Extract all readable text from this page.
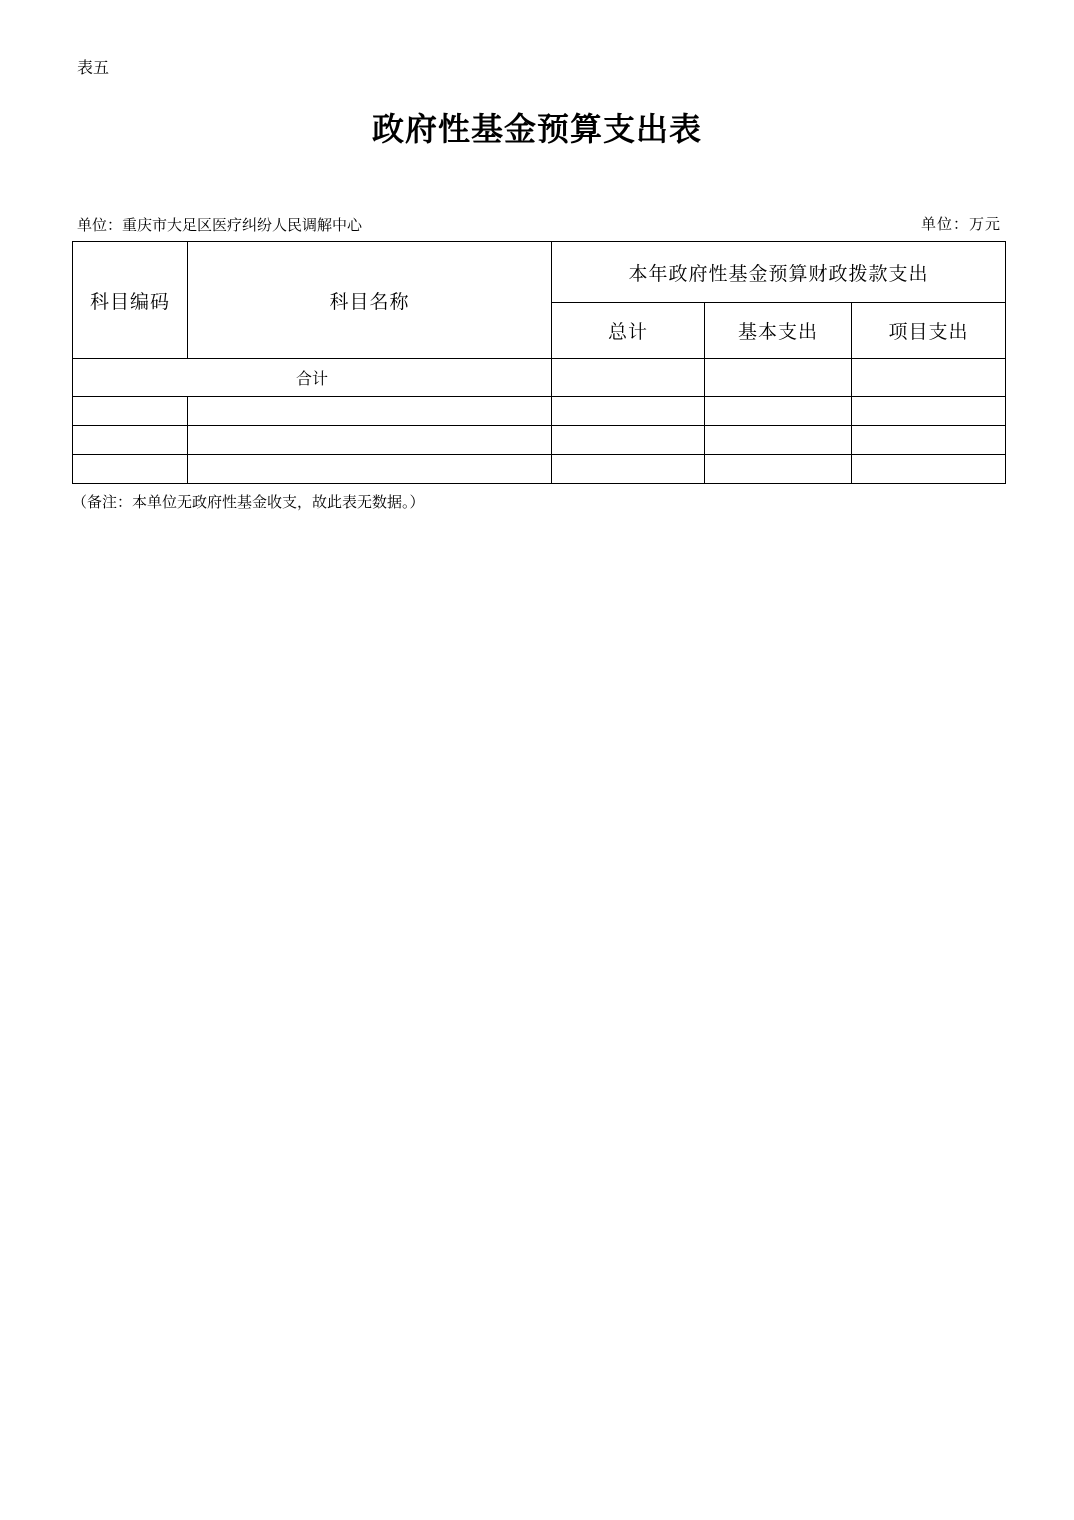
表五
政府性基金预算支出表
单位：重庆市大足区医疗纠纷人民调解中心	单位：万元
科目编码	科目名称	本年政府性基金预算财政拨款支出		
		总计	基本支出	项目支出
合计				

（备注：本单位无政府性基金收支，故此表无数据。）
